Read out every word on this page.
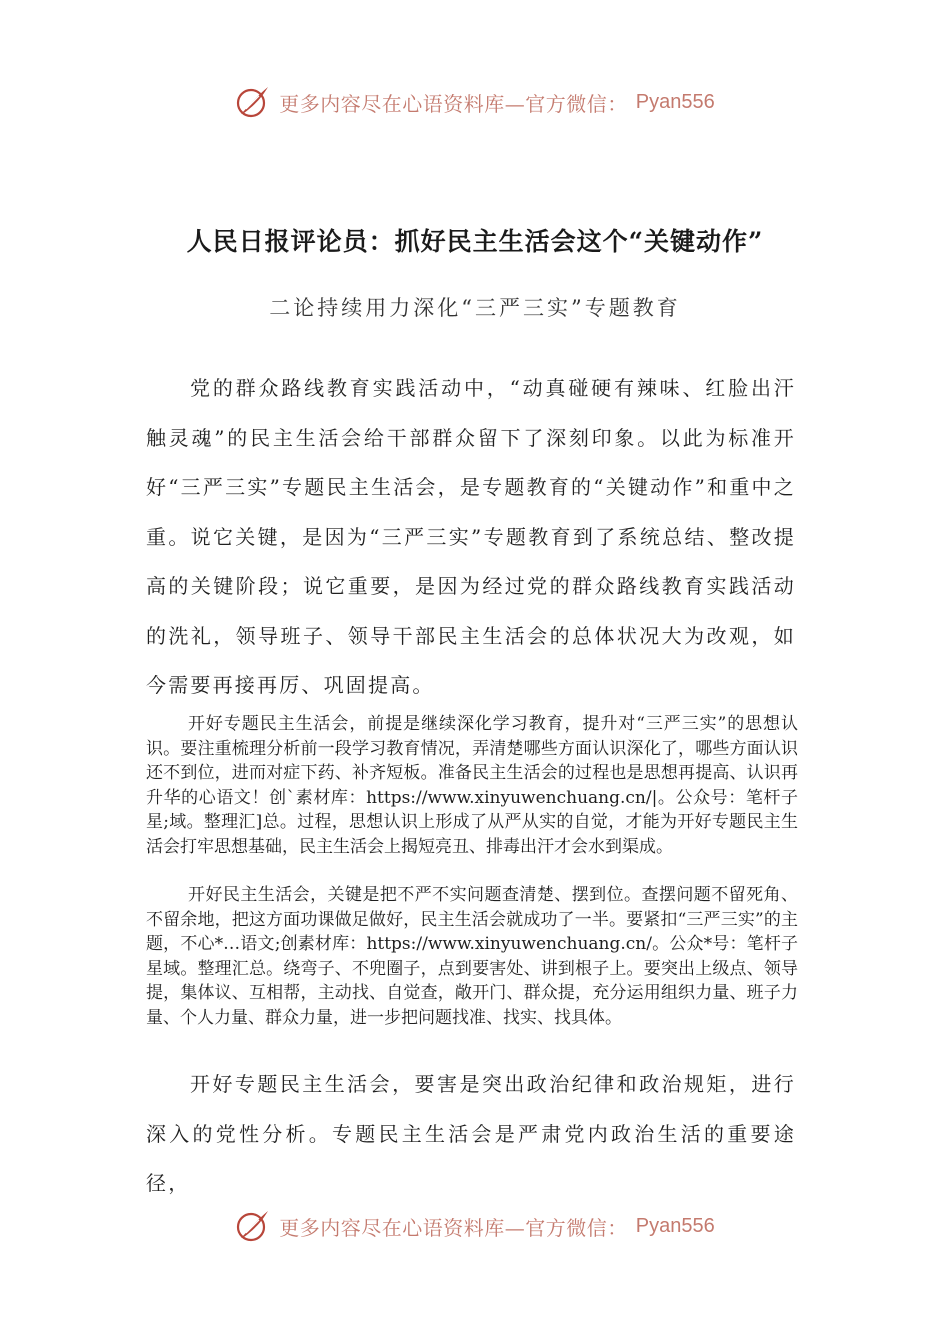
更多内容尽在心语资料库—官方微信： Pyan556
人民日报评论员：抓好民主生活会这个“关键动作”
二论持续用力深化“三严三实”专题教育

党的群众路线教育实践活动中，“动真碰硬有辣味、红脸出汗触灵魂”的民主生活会给干部群众留下了深刻印象。以此为标准开好“三严三实”专题民主生活会，是专题教育的“关键动作”和重中之重。说它关键，是因为“三严三实”专题教育到了系统总结、整改提高的关键阶段；说它重要，是因为经过党的群众路线教育实践活动的洗礼，领导班子、领导干部民主生活会的总体状况大为改观，如今需要再接再厉、巩固提高。

开好专题民主生活会，前提是继续深化学习教育，提升对“三严三实”的思想认识。要注重梳理分析前一段学习教育情况，弄清楚哪些方面认识深化了，哪些方面认识还不到位，进而对症下药、补齐短板。准备民主生活会的过程也是思想再提高、认识再升华的心语文！创`素材库：https://www.xinyuwenchuang.cn/|。公众号：笔杆子星;域。整理汇]总。过程，思想认识上形成了从严从实的自觉，才能为开好专题民主生活会打牢思想基础，民主生活会上揭短亮丑、排毒出汗才会水到渠成。

开好民主生活会，关键是把不严不实问题查清楚、摆到位。查摆问题不留死角、不留余地，把这方面功课做足做好，民主生活会就成功了一半。要紧扣“三严三实”的主题，不心*…语文;创素材库：https://www.xinyuwenchuang.cn/。公众*号：笔杆子星域。整理汇总。绕弯子、不兜圈子，点到要害处、讲到根子上。要突出上级点、领导提，集体议、互相帮，主动找、自觉查，敞开门、群众提，充分运用组织力量、班子力量、个人力量、群众力量，进一步把问题找准、找实、找具体。

开好专题民主生活会，要害是突出政治纪律和政治规矩，进行深入的党性分析。专题民主生活会是严肃党内政治生活的重要途径，

更多内容尽在心语资料库—官方微信： Pyan556
